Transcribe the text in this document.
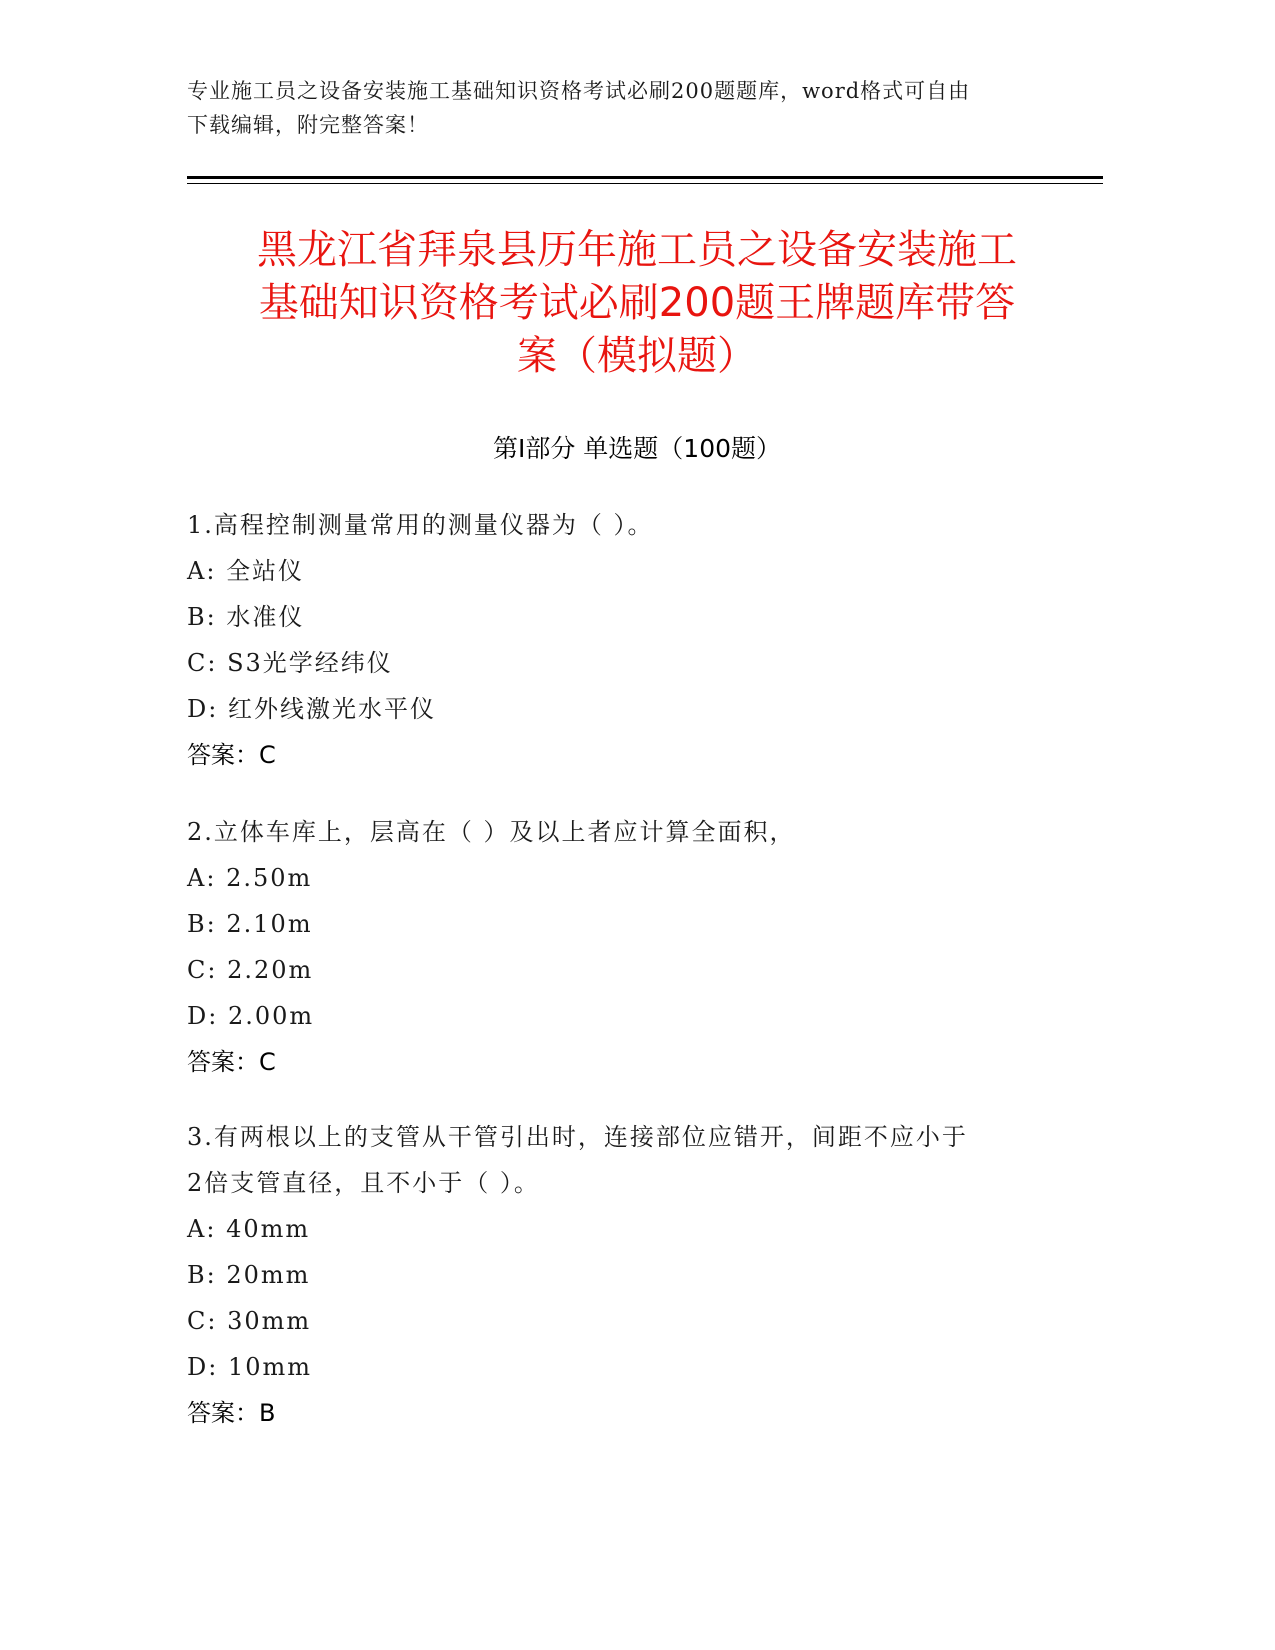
专业施工员之设备安装施工基础知识资格考试必刷200题题库，word格式可自由
下载编辑，附完整答案！
黑龙江省拜泉县历年施工员之设备安装施工
基础知识资格考试必刷200题王牌题库带答
案（模拟题）
第Ⅰ部分 单选题（100题）
1.高程控制测量常用的测量仪器为（ ）。
A: 全站仪
B: 水准仪
C: S3光学经纬仪
D: 红外线激光水平仪
答案：C
2.立体车库上，层高在（ ）及以上者应计算全面积，
A: 2.50m
B: 2.10m
C: 2.20m
D: 2.00m
答案：C
3.有两根以上的支管从干管引出时，连接部位应错开，间距不应小于
2倍支管直径，且不小于（ ）。
A: 40mm
B: 20mm
C: 30mm
D: 10mm
答案：B
